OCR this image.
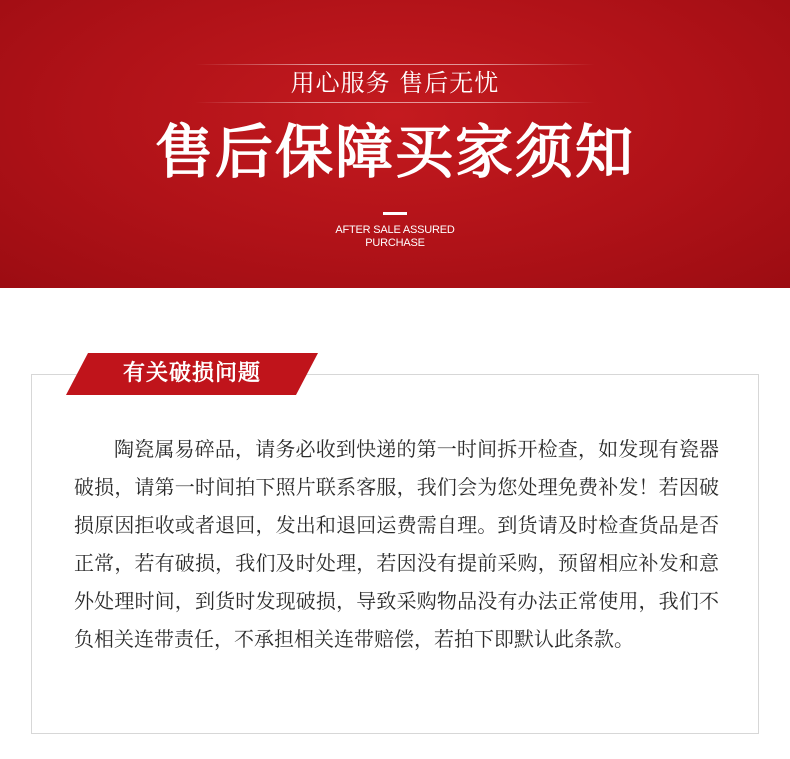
用心服务 售后无忧
售后保障买家须知
AFTER SALE ASSURED
PURCHASE
有关破损问题

陶瓷属易碎品，请务必收到快递的第一时间拆开检查，如发现有瓷器破损，请第一时间拍下照片联系客服，我们会为您处理免费补发！若因破损原因拒收或者退回，发出和退回运费需自理。到货请及时检查货品是否正常，若有破损，我们及时处理，若因没有提前采购，预留相应补发和意外处理时间，到货时发现破损，导致采购物品没有办法正常使用，我们不负相关连带责任，不承担相关连带赔偿，若拍下即默认此条款。
